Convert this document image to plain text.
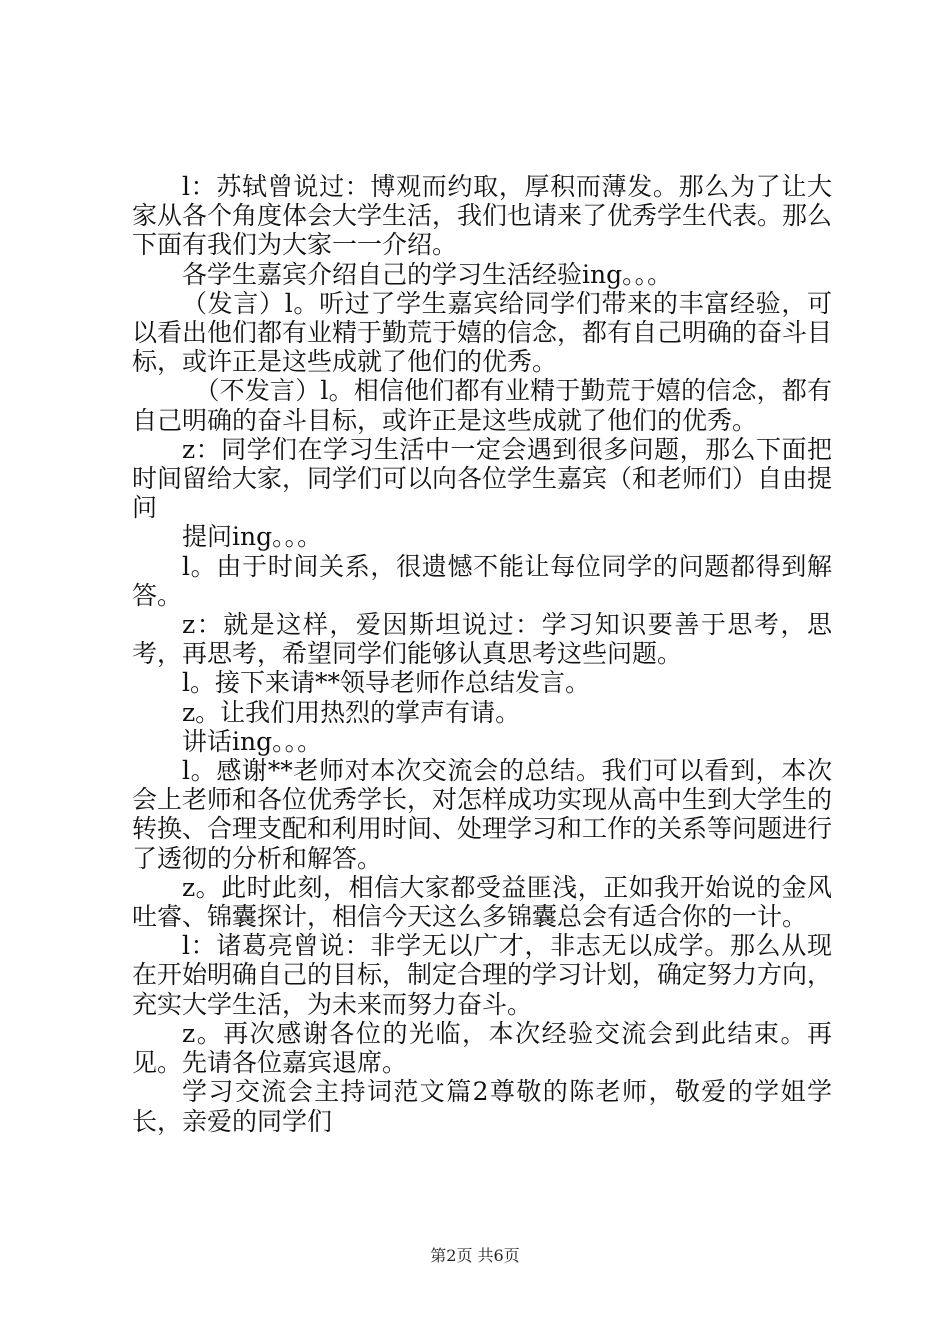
l：苏轼曾说过：博观而约取，厚积而薄发。那么为了让大家从各个角度体会大学生活，我们也请来了优秀学生代表。那么下面有我们为大家一一介绍。

各学生嘉宾介绍自己的学习生活经验ing。。。

（发言）l。听过了学生嘉宾给同学们带来的丰富经验，可以看出他们都有业精于勤荒于嬉的信念，都有自己明确的奋斗目标，或许正是这些成就了他们的优秀。

（不发言）l。相信他们都有业精于勤荒于嬉的信念，都有自己明确的奋斗目标，或许正是这些成就了他们的优秀。

z：同学们在学习生活中一定会遇到很多问题，那么下面把时间留给大家，同学们可以向各位学生嘉宾（和老师们）自由提问

提问ing。。。

l。由于时间关系，很遗憾不能让每位同学的问题都得到解答。

z：就是这样，爱因斯坦说过：学习知识要善于思考，思考，再思考，希望同学们能够认真思考这些问题。

l。接下来请**领导老师作总结发言。

z。让我们用热烈的掌声有请。

讲话ing。。。

l。感谢**老师对本次交流会的总结。我们可以看到，本次会上老师和各位优秀学长，对怎样成功实现从高中生到大学生的转换、合理支配和利用时间、处理学习和工作的关系等问题进行了透彻的分析和解答。

z。此时此刻，相信大家都受益匪浅，正如我开始说的金风吐睿、锦囊探计，相信今天这么多锦囊总会有适合你的一计。

l：诸葛亮曾说：非学无以广才，非志无以成学。那么从现在开始明确自己的目标，制定合理的学习计划，确定努力方向，充实大学生活，为未来而努力奋斗。

z。再次感谢各位的光临，本次经验交流会到此结束。再见。先请各位嘉宾退席。

学习交流会主持词范文篇2尊敬的陈老师，敬爱的学姐学长，亲爱的同学们

第2页 共6页
